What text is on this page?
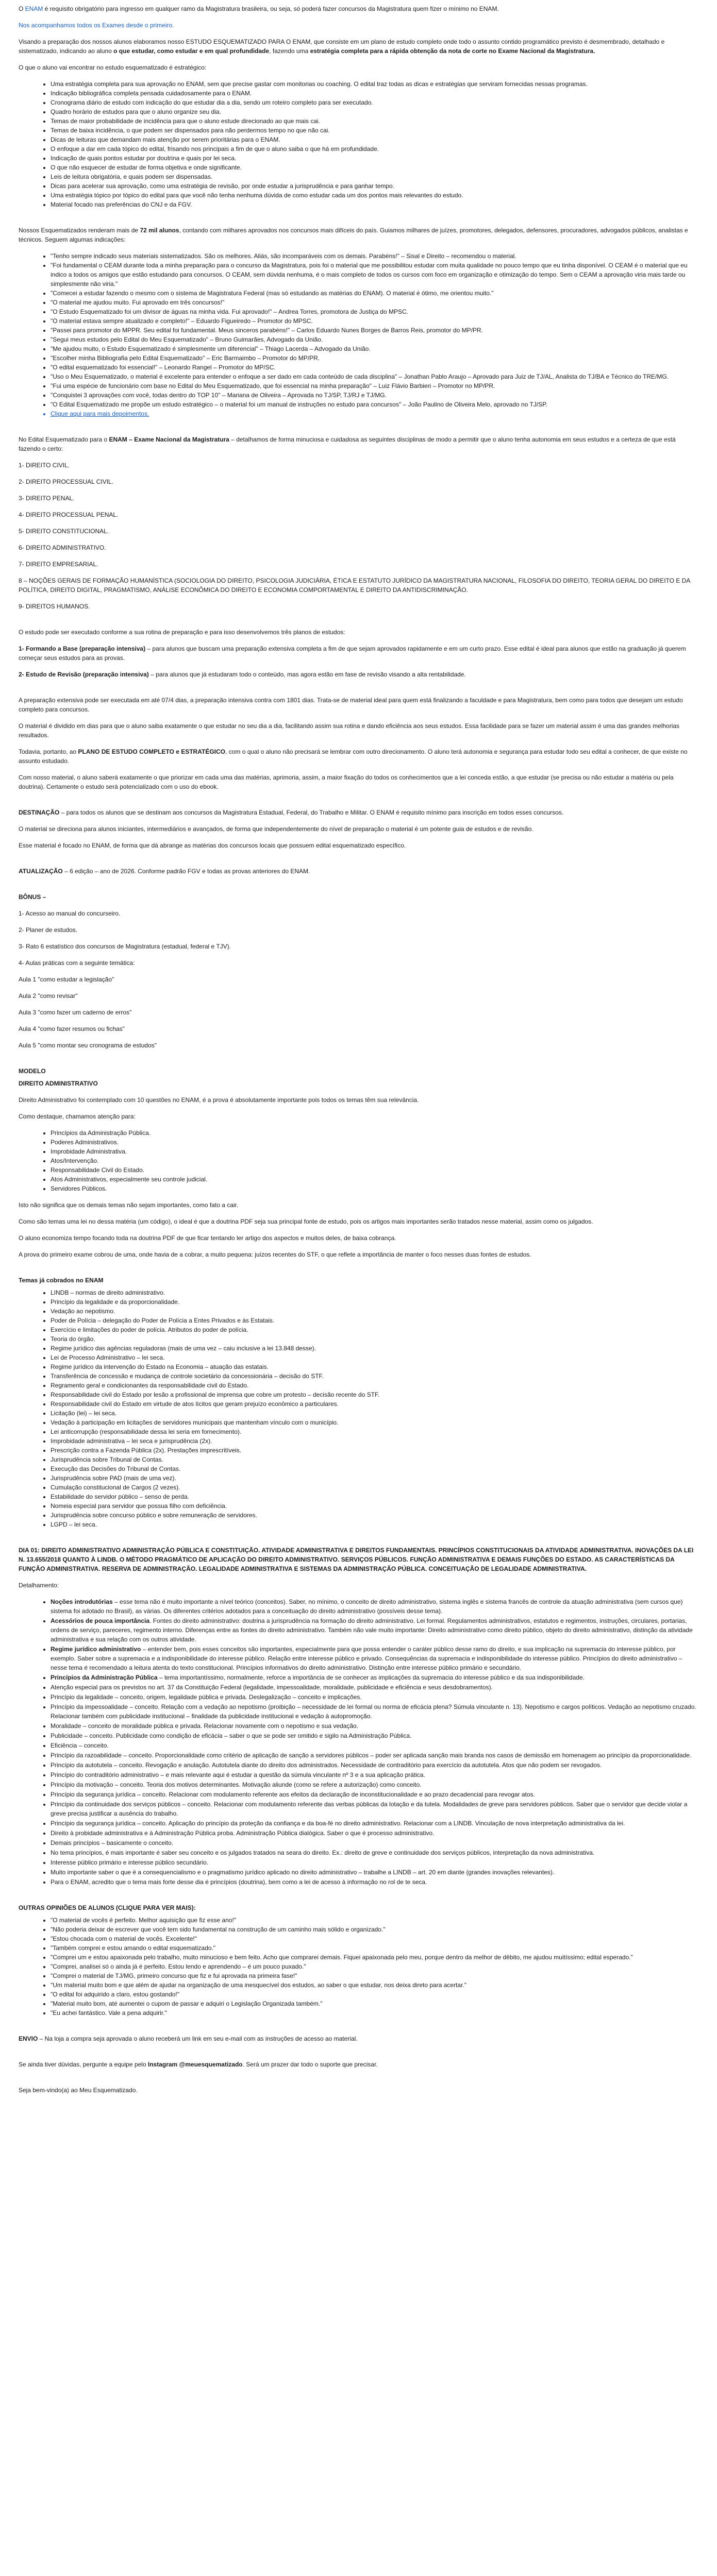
O ENAM é requisito obrigatório para ingresso em qualquer ramo da Magistratura brasileira, ou seja, só poderá fazer concursos da Magistratura quem fizer o mínimo no ENAM.

Nos acompanhamos todos os Exames desde o primeiro.

Visando a preparação dos nossos alunos elaboramos nosso ESTUDO ESQUEMATIZADO PARA O ENAM, que consiste em um plano de estudo completo onde todo o assunto contido programático previsto é desmembrado, detalhado e sistematizado, indicando ao aluno o que estudar, como estudar e em qual profundidade, fazendo uma estratégia completa para a rápida obtenção da nota de corte no Exame Nacional da Magistratura.

O que o aluno vai encontrar no estudo esquematizado é estratégico:

• Uma estratégia completa para sua aprovação no ENAM, sem que precise gastar com monitorias ou coaching. O edital traz todas as dicas e estratégias que serviram fornecidas nessas programas.
• Indicação bibliográfica completa pensada cuidadosamente para o ENAM.
• Cronograma diário de estudo com indicação do que estudar dia a dia, sendo um roteiro completo para ser executado.
• Quadro horário de estudos para que o aluno organize seu dia.
• Temas de maior probabilidade de incidência para que o aluno estude direcionado ao que mais cai.
• Temas de baixa incidência, o que podem ser dispensados para não perdermos tempo no que não cai.
• Dicas de leituras que demandam mais atenção por serem prioritárias para o ENAM.
• O enfoque a dar em cada tópico do edital, frisando nos principais a fim de que o aluno saiba o que há em profundidade.
• Indicação de quais pontos estudar por doutrina e quais por lei seca.
• O que não esquecer de estudar de forma objetiva e onde significante.
• Leis de leitura obrigatória, e quais podem ser dispensadas.
• Dicas para acelerar sua aprovação, como uma estratégia de revisão, por onde estudar a jurisprudência e para ganhar tempo.
• Uma estratégia tópico por tópico do edital para que você não tenha nenhuma dúvida de como estudar cada um dos pontos mais relevantes do estudo.
• Material focado nas preferências do CNJ e da FGV.

Nossos Esquematizados renderam mais de 72 mil alunos, contando com milhares aprovados nos concursos mais difíceis do país. Guiamos milhares de juízes, promotores, delegados, defensores, procuradores, advogados públicos, analistas e técnicos. Seguem algumas indicações:

• "Tenho sempre indicado seus materiais sistematizados. São os melhores. Aliás, são incomparáveis com os demais. Parabéns!" – Sisal e Direito – recomendou o material.
• "Foi fundamental o CEAM durante toda a minha preparação para o concurso da Magistratura, pois foi o material que me possibilitou estudar com muita qualidade no pouco tempo que eu tinha disponível. O CEAM é o material que eu indico a todos os amigos que estão estudando para concursos. O CEAM, sem dúvida nenhuma, é o mais completo de todos os cursos com foco em organização e otimização do tempo. Sem o CEAM a aprovação viria mais tarde ou simplesmente não viria."
• "Comecei a estudar fazendo o mesmo com o sistema de Magistratura Federal (mas só estudando as matérias do ENAM). O material é ótimo, me orientou muito."
• "O material me ajudou muito. Fui aprovado em três concursos!"
• "O Estudo Esquematizado foi um divisor de águas na minha vida. Fui aprovado!" – Andrea Torres, promotora de Justiça do MPSC.
• "O material estava sempre atualizado e completo!" – Eduardo Figueiredo – Promotor do MPSC.
• "Passei para promotor do MPPR. Seu edital foi fundamental. Meus sinceros parabéns!" – Carlos Eduardo Nunes Borges de Barros Reis, promotor do MP/PR.
• "Segui meus estudos pelo Edital do Meu Esquematizado" – Bruno Guimarães, Advogado da União.
• "Me ajudou muito, o Estudo Esquematizado é simplesmente um diferencial" – Thiago Lacerda – Advogado da União.
• "Escolher minha Bibliografia pelo Edital Esquematizado" – Eric Barmaimbo – Promotor do MP/PR.
• "O edital esquematizado foi essencial!" – Leonardo Rangel – Promotor do MP/SC.
• "Uso o Meu Esquematizado, o material é excelente para entender o enfoque a ser dado em cada conteúdo de cada disciplina" – Jonathan Pablo Araujo – Aprovado para Juiz de TJ/AL, Analista do TJ/BA e Técnico do TRE/MG.
• "Fui uma espécie de funcionário com base no Edital do Meu Esquematizado, que foi essencial na minha preparação" – Luiz Flávio Barbieri – Promotor no MP/PR.
• "Conquistei 3 aprovações com você, todas dentro do TOP 10" – Mariana de Oliveira – Aprovada no TJ/SP, TJ/RJ e TJ/MG.
• "O Edital Esquematizado me propõe um estudo estratégico – o material foi um manual de instruções no estudo para concursos" – João Paulino de Oliveira Melo, aprovado no TJ/SP.
• Clique aqui para mais depoimentos.

No Edital Esquematizado para o ENAM – Exame Nacional da Magistratura – detalhamos de forma minuciosa e cuidadosa as seguintes disciplinas de modo a permitir que o aluno tenha autonomia em seus estudos e a certeza de que está fazendo o certo:

1- DIREITO CIVIL.

2- DIREITO PROCESSUAL CIVIL.

3- DIREITO PENAL.

4- DIREITO PROCESSUAL PENAL.

5- DIREITO CONSTITUCIONAL.

6- DIREITO ADMINISTRATIVO.

7- DIREITO EMPRESARIAL.

8 – NOÇÕES GERAIS DE FORMAÇÃO HUMANÍSTICA (SOCIOLOGIA DO DIREITO, PSICOLOGIA JUDICIÁRIA, ÉTICA E ESTATUTO JURÍDICO DA MAGISTRATURA NACIONAL, FILOSOFIA DO DIREITO, TEORIA GERAL DO DIREITO E DA POLÍTICA, DIREITO DIGITAL, PRAGMATISMO, ANÁLISE ECONÔMICA DO DIREITO E ECONOMIA COMPORTAMENTAL E DIREITO DA ANTIDISCRIMINAÇÃO.

9- DIREITOS HUMANOS.

O estudo pode ser executado conforme a sua rotina de preparação e para isso desenvolvemos três planos de estudos:

1- Formando a Base (preparação intensiva) – para alunos que buscam uma preparação extensiva completa a fim de que sejam aprovados rapidamente e em um curto prazo. Esse edital é ideal para alunos que estão na graduação já querem começar seus estudos para as provas.

2- Estudo de Revisão (preparação intensiva) – para alunos que já estudaram todo o conteúdo, mas agora estão em fase de revisão visando a alta rentabilidade.

A preparação extensiva pode ser executada em até 07/4 dias, a preparação intensiva contra com 1801 dias. Trata-se de material ideal para quem está finalizando a faculdade e para Magistratura, bem como para todos que desejam um estudo completo para concursos.

O material é dividido em dias para que o aluno saiba exatamente o que estudar no seu dia a dia, facilitando assim sua rotina e dando eficiência aos seus estudos. Essa facilidade para se fazer um material assim é uma das grandes melhorias resultados.

Todavia, portanto, ao PLANO DE ESTUDO COMPLETO e ESTRATÉGICO, com o qual o aluno não precisará se lembrar com outro direcionamento. O aluno terá autonomia e segurança para estudar todo seu edital a conhecer, de que existe no assunto estudado.

Com nosso material, o aluno saberá exatamente o que priorizar em cada uma das matérias, aprimoria, assim, a maior fixação do todos os conhecimentos que a lei conceda estão, a que estudar (se precisa ou não estudar a matéria ou pela doutrina). Certamente o estudo será potencializado com o uso do ebook.

DESTINAÇÃO – para todos os alunos que se destinam aos concursos da Magistratura Estadual, Federal, do Trabalho e Militar. O ENAM é requisito mínimo para inscrição em todos esses concursos.

O material se direciona para alunos iniciantes, intermediários e avançados, de forma que independentemente do nível de preparação o material é um potente guia de estudos e de revisão.

Esse material é focado no ENAM, de forma que dá abrange as matérias dos concursos locais que possuem edital esquematizado específico.

ATUALIZAÇÃO – 6 edição – ano de 2026. Conforme padrão FGV e todas as provas anteriores do ENAM.

BÔNUS –

1- Acesso ao manual do concurseiro.

2- Planer de estudos.

3- Rato 6 estatístico dos concursos de Magistratura (estadual, federal e TJV).

4- Aulas práticas com a seguinte temática:

Aula 1 "como estudar a legislação"

Aula 2 "como revisar"

Aula 3 "como fazer um caderno de erros"

Aula 4 "como fazer resumos ou fichas"

Aula 5 "como montar seu cronograma de estudos"

MODELO

DIREITO ADMINISTRATIVO

Direito Administrativo foi contemplado com 10 questões no ENAM, é a prova é absolutamente importante pois todos os temas têm sua relevância.

Como destaque, chamamos atenção para:

• Princípios da Administração Pública.
• Poderes Administrativos.
• Improbidade Administrativa.
• Atos/Intervenção.
• Responsabilidade Civil do Estado.
• Atos Administrativos, especialmente seu controle judicial.
• Servidores Públicos.

Isto não significa que os demais temas não sejam importantes, como fato a cair.

Como são temas uma lei no dessa matéria (um código), o ideal é que a doutrina PDF seja sua principal fonte de estudo, pois os artigos mais importantes serão tratados nesse material, assim como os julgados.

O aluno economiza tempo focando toda na doutrina PDF de que ficar tentando ler artigo dos aspectos e muitos deles, de baixa cobrança.

A prova do primeiro exame cobrou de uma, onde havia de a cobrar, a muito pequena: juízos recentes do STF, o que reflete a importância de manter o foco nesses duas fontes de estudos.

Temas já cobrados no ENAM

• LINDB – normas de direito administrativo.
• Princípio da legalidade e da proporcionalidade.
• Vedação ao nepotismo.
• Poder de Polícia – delegação do Poder de Polícia a Entes Privados e às Estatais.
• Exercício e limitações do poder de polícia. Atributos do poder de polícia.
• Teoria do órgão.
• Regime jurídico das agências reguladoras (mais de uma vez – caiu inclusive a lei 13.848 desse).
• Lei de Processo Administrativo – lei seca.
• Regime jurídico da intervenção do Estado na Economia – atuação das estatais.
• Transferência de concessão e mudança de controle societário da concessionária – decisão do STF.
• Regramento geral e condicionantes da responsabilidade civil do Estado.
• Responsabilidade civil do Estado por lesão a profissional de imprensa que cobre um protesto – decisão recente do STF.
• Responsabilidade civil do Estado em virtude de atos lícitos que geram prejuízo econômico a particulares.
• Licitação (lei) – lei seca.
• Vedação à participação em licitações de servidores municipais que mantenham vínculo com o município.
• Lei anticorrupção (responsabilidade dessa lei seria em fornecimento).
• Improbidade administrativa – lei seca e jurisprudência (2x).
• Prescrição contra a Fazenda Pública (2x). Prestações imprescritíveis.
• Jurisprudência sobre Tribunal de Contas.
• Execução das Decisões do Tribunal de Contas.
• Jurisprudência sobre PAD (mais de uma vez).
• Cumulação constitucional de Cargos (2 vezes).
• Estabilidade do servidor público – senso de perda.
• Nomeia especial para servidor que possua filho com deficiência.
• Jurisprudência sobre concurso público e sobre remuneração de servidores.
• LGPD – lei seca.

DIA 01: DIREITO ADMINISTRATIVO ADMINISTRAÇÃO PÚBLICA E CONSTITUIÇÃO. ATIVIDADE ADMINISTRATIVA E DIREITOS FUNDAMENTAIS. PRINCÍPIOS CONSTITUCIONAIS DA ATIVIDADE ADMINISTRATIVA. INOVAÇÕES DA LEI N. 13.655/2018 QUANTO À LINDB. O MÉTODO PRAGMÁTICO DE APLICAÇÃO DO DIREITO ADMINISTRATIVO. SERVIÇOS PÚBLICOS. FUNÇÃO ADMINISTRATIVA E DEMAIS FUNÇÕES DO ESTADO. AS CARACTERÍSTICAS DA FUNÇÃO ADMINISTRATIVA. RESERVA DE ADMINISTRAÇÃO. LEGALIDADE ADMINISTRATIVA E SISTEMAS DA ADMINISTRAÇÃO PÚBLICA. CONCEITUAÇÃO DE LEGALIDADE ADMINISTRATIVA.

Detalhamento:

• Noções introdutórias – esse tema não é muito importante a nível teórico (conceitos). Saber, no mínimo, o conceito de direito administrativo, sistema inglês e sistema francês de controle da atuação administrativa (sem cursos que) sistema foi adotado no Brasil), as várias. Os diferentes critérios adotados para a conceituação do direito administrativo (possíveis desse tema).
• Acessórios de pouca importância. Fontes do direito administrativo: doutrina a jurisprudência na formação do direito administrativo. Lei formal. Regulamentos administrativos, estatutos e regimentos, instruções, circulares, portarias, ordens de serviço, pareceres, regimento interno. Diferenças entre as fontes do direito administrativo. Também não vale muito importante: Direito administrativo como direito público, objeto do direito administrativo, distinção da atividade administrativa e sua relação com os outros atividade.
• Regime jurídico administrativo – entender bem, pois esses conceitos são importantes, especialmente para que possa entender o caráter público desse ramo do direito, e sua implicação na supremacia do interesse público, por exemplo. Saber sobre a supremacia e a indisponibilidade do interesse público. Relação entre interesse público e privado. Consequências da supremacia e indisponibilidade do interesse público. Princípios do direito administrativo – nesse tema é recomendado a leitura atenta do texto constitucional. Princípios informativos do direito administrativo. Distinção entre interesse público primário e secundário.
• Princípios da Administração Pública – tema importantíssimo, normalmente, reforce a importância de se conhecer as implicações da supremacia do interesse público e da sua indisponibilidade.
• Atenção especial para os previstos no art. 37 da Constituição Federal (legalidade, impessoalidade, moralidade, publicidade e eficiência e seus desdobramentos).
• Princípio da legalidade – conceito, origem, legalidade pública e privada. Deslegalização – conceito e implicações.
• Princípio da impessoalidade – conceito. Relação com a vedação ao nepotismo (proibição – necessidade de lei formal ou norma de eficácia plena? Súmula vinculante n. 13). Nepotismo e cargos políticos. Vedação ao nepotismo cruzado. Relacionar também com publicidade institucional – finalidade da publicidade institucional e vedação à autopromoção.
• Moralidade – conceito de moralidade pública e privada. Relacionar novamente com o nepotismo e sua vedação.
• Publicidade – conceito. Publicidade como condição de eficácia – saber o que se pode ser omitido e sigilo na Administração Pública.
• Eficiência – conceito.
• Princípio da razoabilidade – conceito. Proporcionalidade como critério de aplicação de sanção a servidores públicos – poder ser aplicada sanção mais branda nos casos de demissão em homenagem ao princípio da proporcionalidade.
• Princípio da autotutela – conceito. Revogação e anulação. Autotutela diante do direito dos administrados. Necessidade de contraditório para exercício da autotutela. Atos que não podem ser revogados.
• Princípio do contraditório administrativo – e mais relevante aqui é estudar a questão da súmula vinculante nº 3 e a sua aplicação prática.
• Princípio da motivação – conceito. Teoria dos motivos determinantes. Motivação aliunde (como se refere a autorização) como conceito.
• Princípio da segurança jurídica – conceito. Relacionar com modulamento referente aos efeitos da declaração de inconstitucionalidade e ao prazo decadencial para revogar atos.
• Princípio da continuidade dos serviços públicos – conceito. Relacionar com modulamento referente das verbas públicas da lotação e da tutela. Modalidades de greve para servidores públicos. Saber que o servidor que decide violar a greve precisa justificar a ausência do trabalho.
• Princípio da segurança jurídica – conceito. Aplicação do princípio da proteção da confiança e da boa-fé no direito administrativo. Relacionar com a LINDB. Vinculação de nova interpretação administrativa da lei.
• Direito à probidade administrativa e à Administração Pública proba. Administração Pública dialógica. Saber o que é processo administrativo.
• Demais princípios – basicamente o conceito.
• No tema princípios, é mais importante é saber seu conceito e os julgados tratados na seara do direito. Ex.: direito de greve e continuidade dos serviços públicos, interpretação da nova administrativa.
• Interesse público primário e interesse público secundário.
• Muito importante saber o que é a consequencialismo e o pragmatismo jurídico aplicado no direito administrativo – trabalhe a LINDB – art. 20 em diante (grandes inovações relevantes).
• Para o ENAM, acredito que o tema mais forte desse dia é princípios (doutrina), bem como a lei de acesso à informação no rol de te seca.

OUTRAS OPINIÕES DE ALUNOS (CLIQUE PARA VER MAIS):

• "O material de vocês é perfeito. Melhor aquisição que fiz esse ano!"
• "Não poderia deixar de escrever que você tem sido fundamental na construção de um caminho mais sólido e organizado."
• "Estou chocada com o material de vocês. Excelente!"
• "Também comprei e estou amando o edital esquematizado."
• "Comprei um e estou apaixonada pelo trabalho, muito minucioso e bem feito. Acho que comprarei demais. Fiquei apaixonada pelo meu, porque dentro da melhor de dêbito, me ajudou muitíssimo; edital esperado."
• "Comprei, analisei só o ainda já é perfeito. Estou lendo e aprendendo – é um pouco puxado."
• "Comprei o material de TJ/MG, primeiro concurso que fiz e fui aprovada na primeira fase!"
• "Um material muito bom e que além de ajudar na organização de uma inesquecível dos estudos, ao saber o que estudar, nos deixa direto para acertar."
• "O edital foi adquirido a claro, estou gostando!"
• "Material muito bom, até aumentei o cupom de passar e adquiri o Legislação Organizada também."
• "Eu achei fantástico. Vale a pena adquirir."

ENVIO – Na loja a compra seja aprovada o aluno receberá um link em seu e-mail com as instruções de acesso ao material.

Se ainda tiver dúvidas, pergunte a equipe pelo Instagram @meuesquematizado. Será um prazer dar todo o suporte que precisar.

Seja bem-vindo(a) ao Meu Esquematizado.
